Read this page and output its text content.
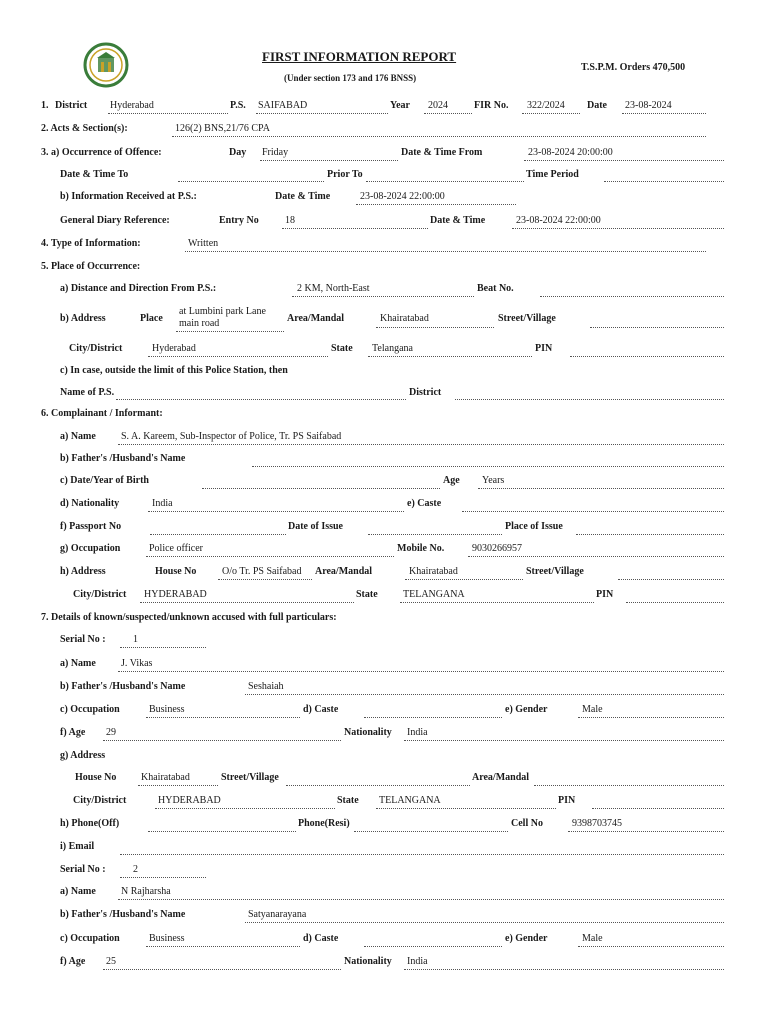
FIRST INFORMATION REPORT
(Under section 173 and 176 BNSS)
T.S.P.M. Orders 470,500
1. District Hyderabad	P.S. SAIFABAD	Year 2024	FIR No. 322/2024 Date 23-08-2024
2. Acts & Section(s):	126(2) BNS,21/76 CPA
3. a) Occurrence of Offence:	Day Friday	Date & Time From	23-08-2024 20:00:00
Date & Time To	Prior To	Time Period
b) Information Received at P.S.:	Date & Time	23-08-2024 22:00:00
General Diary Reference:	Entry No	18	Date & Time	23-08-2024 22:00:00
4. Type of Information:	Written
5. Place of Occurrence:
a) Distance and Direction From P.S.:	2 KM, North-East	Beat No.
b) Address	Place
at Lumbini park Lane
main road	Area/Mandal	Khairatabad	Street/Village
City/District	Hyderabad	State Telangana	PIN
c) In case, outside the limit of this Police Station, then
Name of P.S.	District
6. Complainant / Informant:
a) Name	S. A. Kareem, Sub-Inspector of Police, Tr. PS Saifabad
b) Father's /Husband's Name
c) Date/Year of Birth	Age Years
d) Nationality	India	e) Caste
f) Passport No	Date of Issue	Place of Issue
g) Occupation	Police officer	Mobile No.	9030266957
h) Address	House No	O/o Tr. PS Saifabad Area/Mandal	Khairatabad	Street/Village
City/District HYDERABAD	State	TELANGANA	PIN
7. Details of known/suspected/unknown accused with full particulars:
Serial No :	1
a) Name	J. Vikas
b) Father's /Husband's Name	Seshaiah
c) Occupation	Business	d) Caste	e) Gender	Male
f) Age 29	Nationality India
g) Address
House No Khairatabad	Street/Village	Area/Mandal
City/District	HYDERABAD	State TELANGANA	PIN
h) Phone(Off)	Phone(Resi)	Cell No	9398703745
i) Email
Serial No :	2
a) Name	N Rajharsha
b) Father's /Husband's Name	Satyanarayana
c) Occupation	Business	d) Caste	e) Gender	Male
f) Age 25	Nationality India
